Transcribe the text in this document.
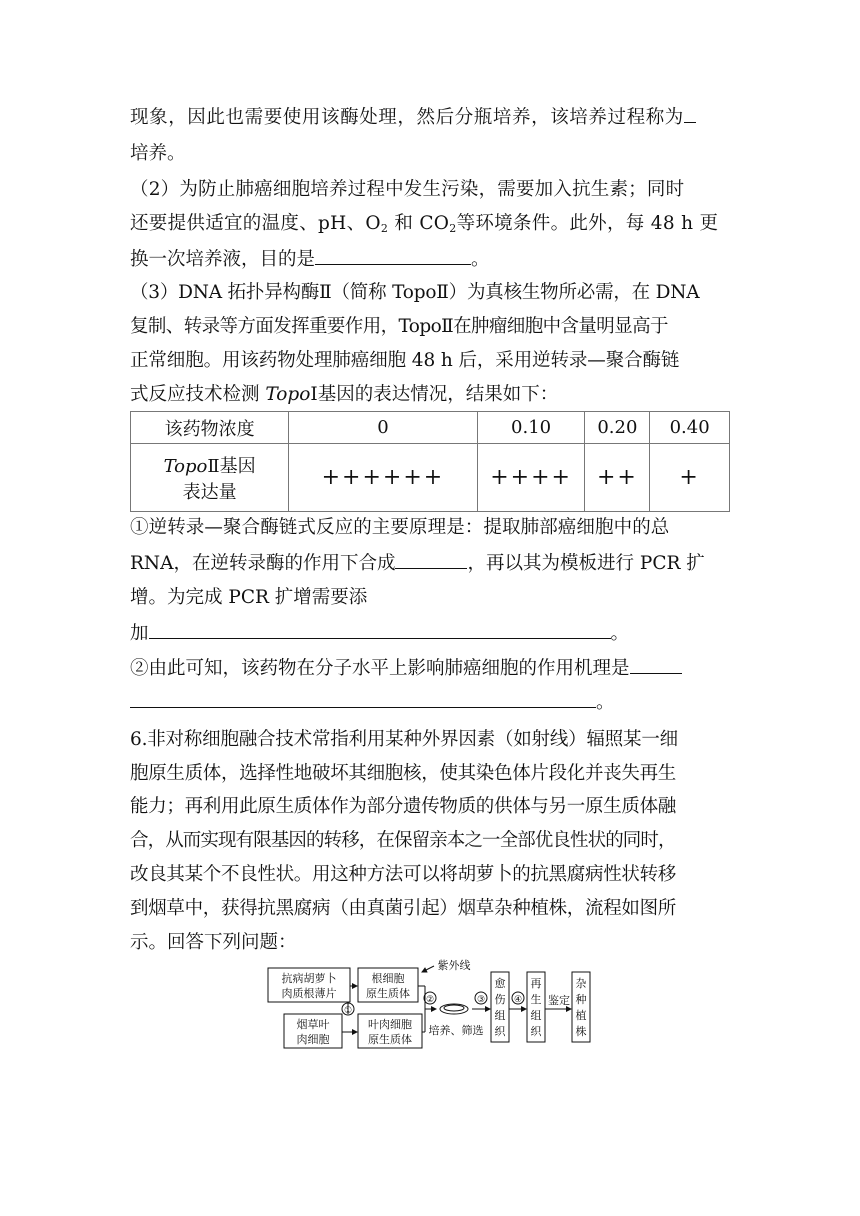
现象，因此也需要使用该酶处理，然后分瓶培养，该培养过程称为
培养。
（2）为防止肺癌细胞培养过程中发生污染，需要加入抗生素；同时
还要提供适宜的温度、pH、$O_2$ 和 $CO_2$等环境条件。此外，每 48 h 更
换一次培养液，目的是	。
（3）DNA 拓扑异构酶Ⅱ（简称 TopoⅡ）为真核生物所必需，在 DNA
复制、转录等方面发挥重要作用，TopoⅡ在肿瘤细胞中含量明显高于
正常细胞。用该药物处理肺癌细胞 48 h 后，采用逆转录—聚合酶链
式反应技术检测 TopoⅠ基因的表达情况，结果如下：
该药物浓度	0	0.10	0.20	0.40
TopoⅡ基因
表达量	++++++	++++	++	+
①逆转录—聚合酶链式反应的主要原理是：提取肺部癌细胞中的总
RNA，在逆转录酶的作用下合成	，再以其为模板进行 PCR 扩
增。为完成 PCR 扩增需要添
加	。
②由此可知，该药物在分子水平上影响肺癌细胞的作用机理是
。
6.非对称细胞融合技术常指利用某种外界因素（如射线）辐照某一细
胞原生质体，选择性地破坏其细胞核，使其染色体片段化并丧失再生
能力；再利用此原生质体作为部分遗传物质的供体与另一原生质体融
合，从而实现有限基因的转移，在保留亲本之一全部优良性状的同时，
改良其某个不良性状。用这种方法可以将胡萝卜的抗黑腐病性状转移
到烟草中，获得抗黑腐病（由真菌引起）烟草杂种植株，流程如图所
示。回答下列问题：
抗病胡萝卜
肉质根薄片
烟草叶
肉细胞
根细胞
原生质体
叶肉细胞
原生质体
紫外线
①
②	③	④
培养、筛选
愈
伤
组
织
再
生
组
织
鉴定
杂
种
植
株
